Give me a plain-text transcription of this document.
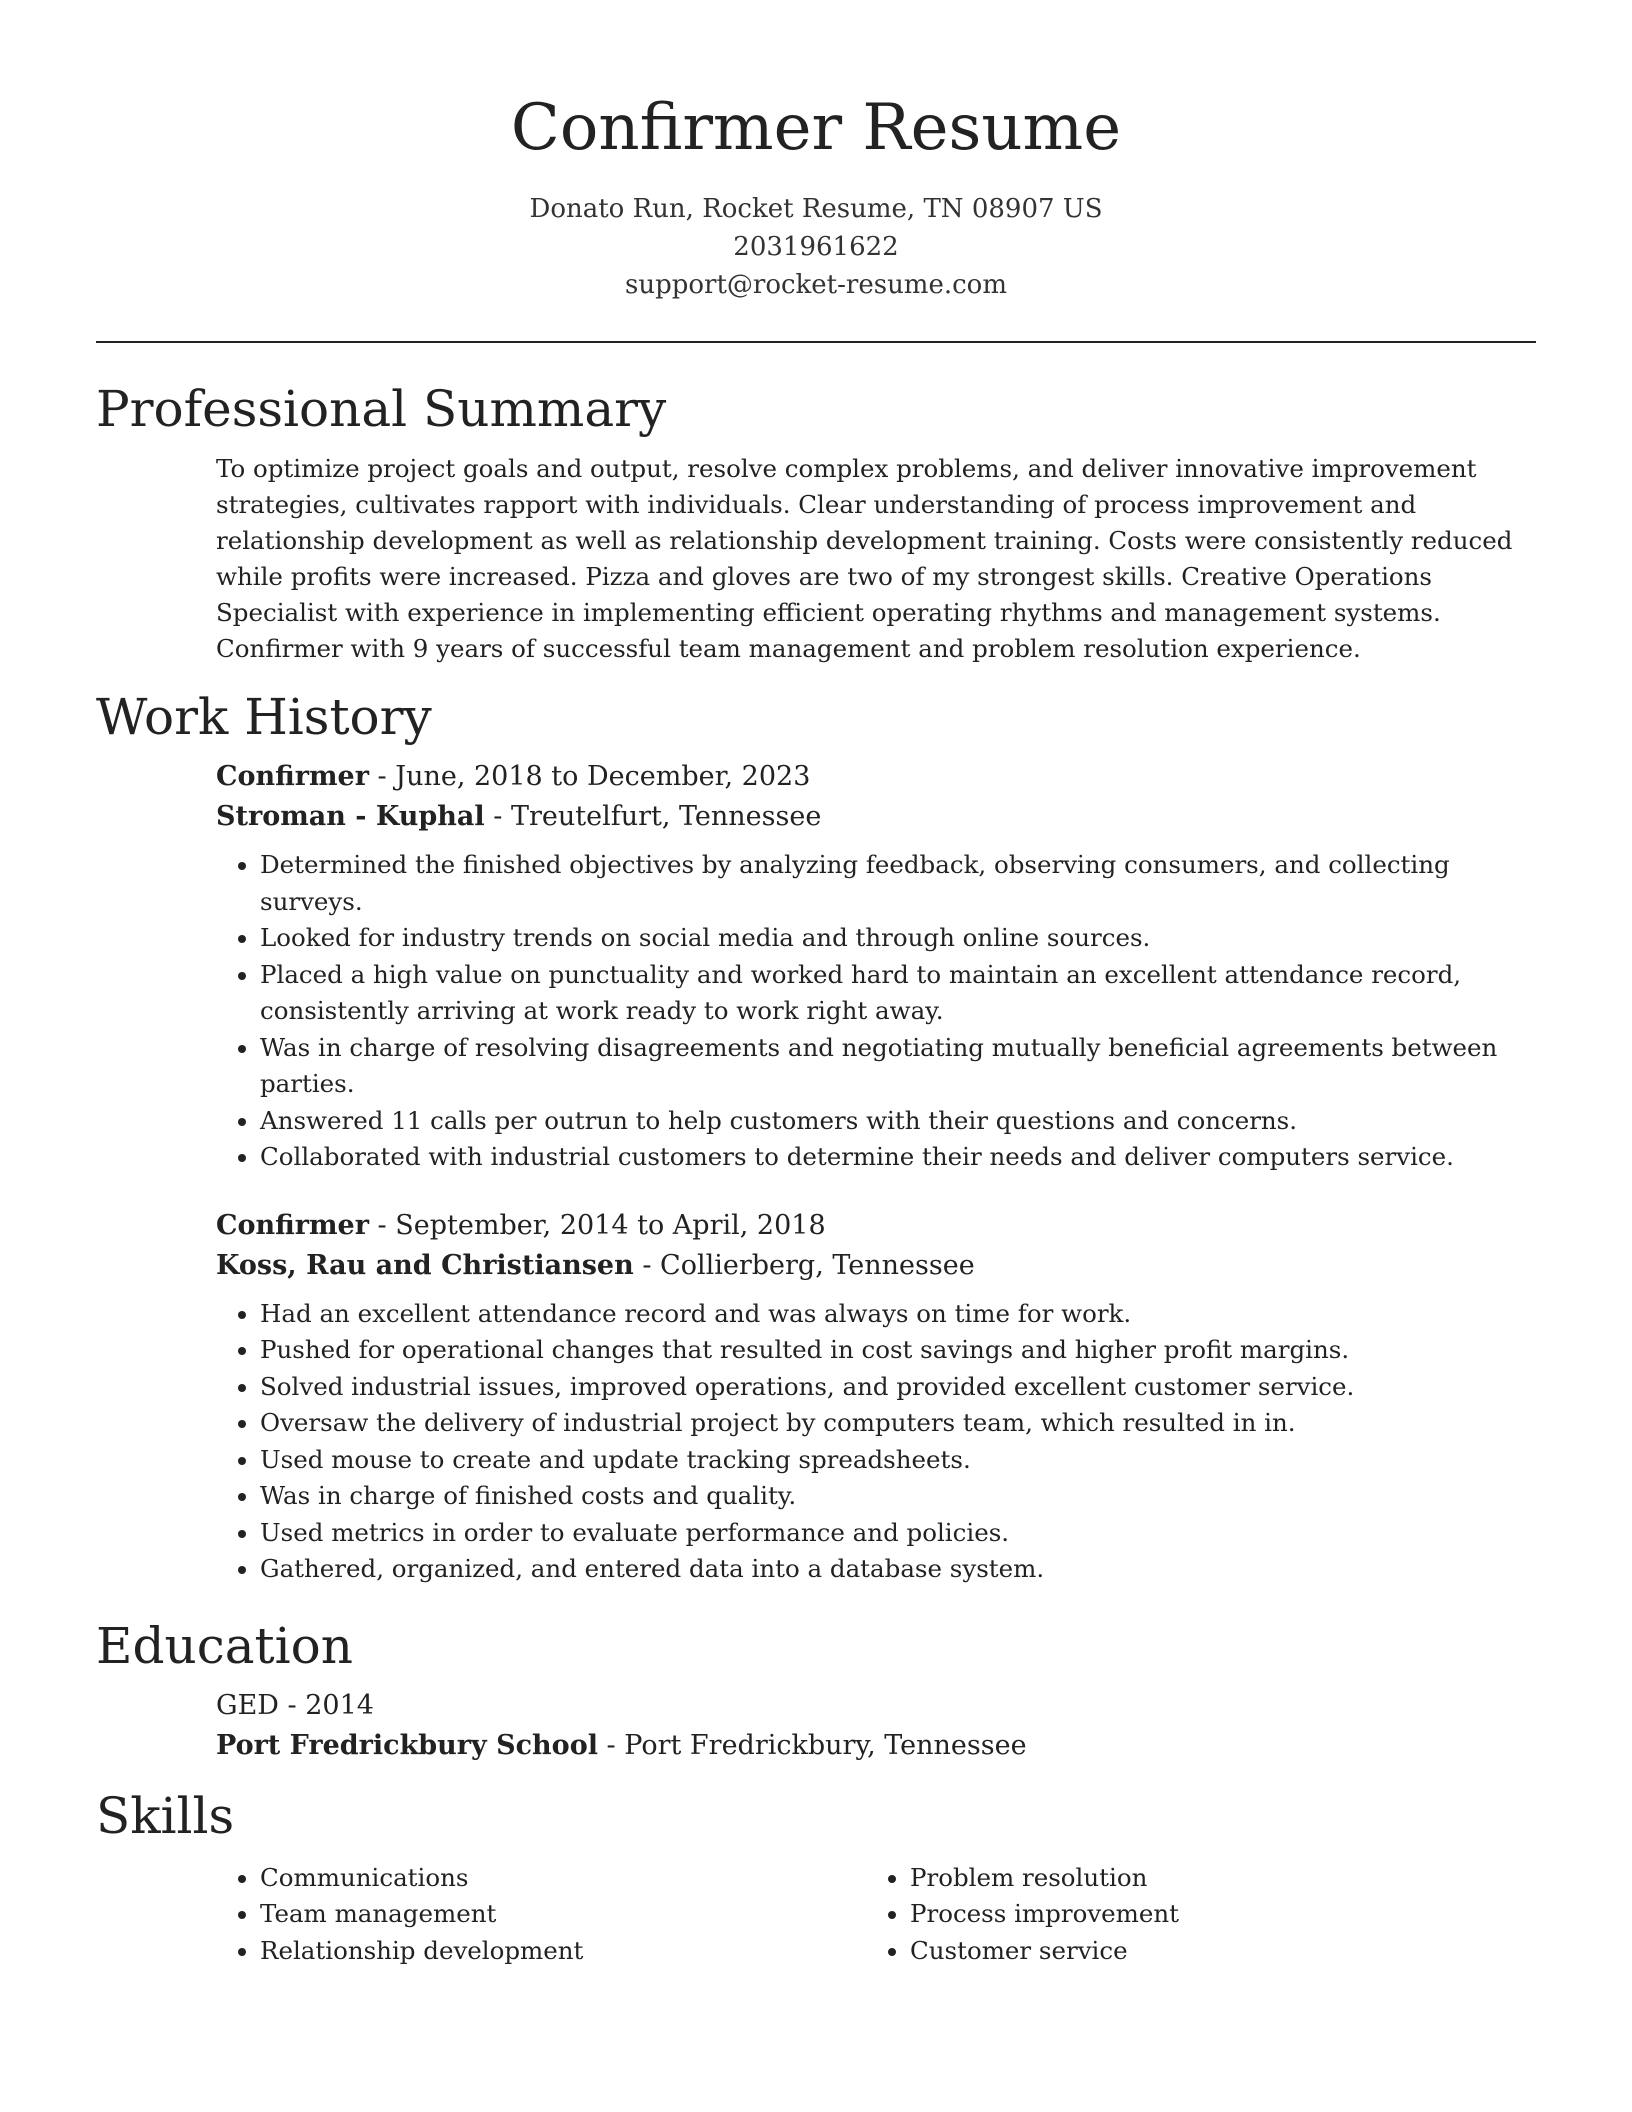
Confirmer Resume
Donato Run, Rocket Resume, TN 08907 US
2031961622
support@rocket-resume.com
Professional Summary

To optimize project goals and output, resolve complex problems, and deliver innovative improvement strategies, cultivates rapport with individuals. Clear understanding of process improvement and relationship development as well as relationship development training. Costs were consistently reduced while profits were increased. Pizza and gloves are two of my strongest skills. Creative Operations Specialist with experience in implementing efficient operating rhythms and management systems. Confirmer with 9 years of successful team management and problem resolution experience.

Work History
Confirmer - June, 2018 to December, 2023
Stroman - Kuphal - Treutelfurt, Tennessee
• Determined the finished objectives by analyzing feedback, observing consumers, and collecting surveys.
• Looked for industry trends on social media and through online sources.
• Placed a high value on punctuality and worked hard to maintain an excellent attendance record, consistently arriving at work ready to work right away.
• Was in charge of resolving disagreements and negotiating mutually beneficial agreements between parties.
• Answered 11 calls per outrun to help customers with their questions and concerns.
• Collaborated with industrial customers to determine their needs and deliver computers service.
Confirmer - September, 2014 to April, 2018
Koss, Rau and Christiansen - Collierberg, Tennessee
• Had an excellent attendance record and was always on time for work.
• Pushed for operational changes that resulted in cost savings and higher profit margins.
• Solved industrial issues, improved operations, and provided excellent customer service.
• Oversaw the delivery of industrial project by computers team, which resulted in in.
• Used mouse to create and update tracking spreadsheets.
• Was in charge of finished costs and quality.
• Used metrics in order to evaluate performance and policies.
• Gathered, organized, and entered data into a database system.
Education
GED - 2014
Port Fredrickbury School - Port Fredrickbury, Tennessee
Skills
• Communications
• Team management
• Relationship development
• Problem resolution
• Process improvement
• Customer service
